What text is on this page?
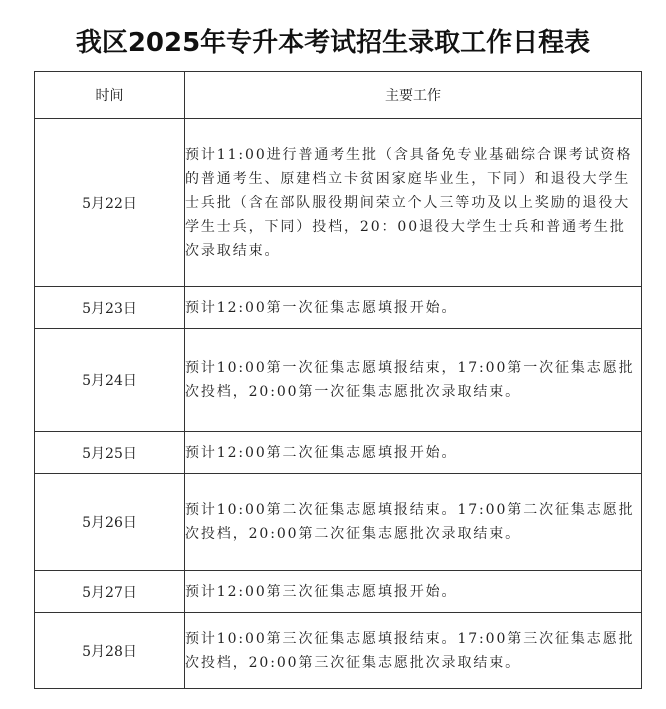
我区2025年专升本考试招生录取工作日程表
时间	主要工作
5月22日	预计11:00进行普通考生批（含具备免专业基础综合课考试资格的普通考生、原建档立卡贫困家庭毕业生，下同）和退役大学生士兵批（含在部队服役期间荣立个人三等功及以上奖励的退役大学生士兵，下同）投档，20：00退役大学生士兵和普通考生批次录取结束。
5月23日	预计12:00第一次征集志愿填报开始。
5月24日	预计10:00第一次征集志愿填报结束，17:00第一次征集志愿批次投档，20:00第一次征集志愿批次录取结束。
5月25日	预计12:00第二次征集志愿填报开始。
5月26日	预计10:00第二次征集志愿填报结束。17:00第二次征集志愿批次投档，20:00第二次征集志愿批次录取结束。
5月27日	预计12:00第三次征集志愿填报开始。
5月28日	预计10:00第三次征集志愿填报结束。17:00第三次征集志愿批次投档，20:00第三次征集志愿批次录取结束。
